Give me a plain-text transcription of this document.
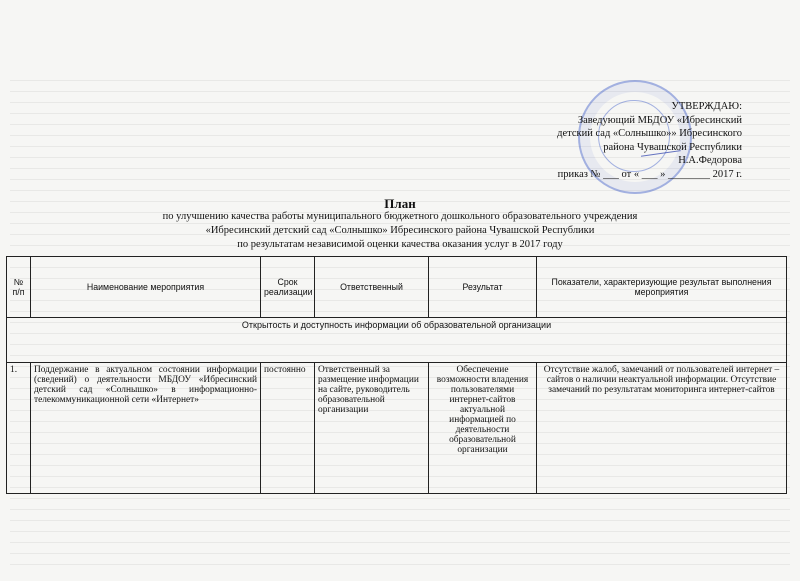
УТВЕРЖДАЮ:
Заведующий МБДОУ «Ибресинский
детский сад «Солнышко»» Ибресинского
района Чувашской Республики
Н.А.Федорова
приказ № ___ от « ___ » ________ 2017 г.
План
по улучшению качества работы муниципального бюджетного дошкольного образовательного учреждения
«Ибресинский детский сад «Солнышко» Ибресинского района Чувашской Республики
по результатам независимой оценки качества оказания услуг в 2017 году
№ п/п	Наименование мероприятия	Срок реализации	Ответственный	Результат	Показатели, характеризующие результат выполнения мероприятия
Открытость и доступность информации об образовательной организации					
1.	Поддержание в актуальном состоянии информации (сведений) о деятельности МБДОУ «Ибресинский детский сад «Солнышко» в информационно-телекоммуникационной сети «Интернет»	постоянно	Ответственный за размещение информации на сайте, руководитель образовательной организации	Обеспечение возможности владения пользователями интернет-сайтов актуальной информацией по деятельности образовательной организации	Отсутствие жалоб, замечаний от пользователей интернет – сайтов о наличии неактуальной информации. Отсутствие замечаний по результатам мониторинга интернет-сайтов
